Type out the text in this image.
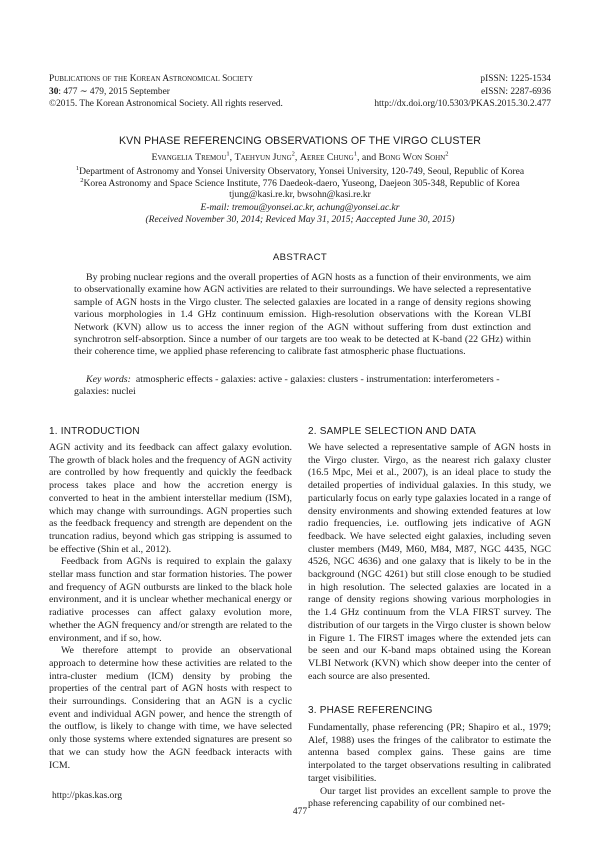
Publications of the Korean Astronomical Society
30: 477 ∼ 479, 2015 September
©2015. The Korean Astronomical Society. All rights reserved.
pISSN: 1225-1534
eISSN: 2287-6936
http://dx.doi.org/10.5303/PKAS.2015.30.2.477
KVN PHASE REFERENCING OBSERVATIONS OF THE VIRGO CLUSTER
Evangelia Tremou$^1$, Taehyun Jung$^2$, Aeree Chung$^1$, and Bong Won Sohn$^2$
$^1$Department of Astronomy and Yonsei University Observatory, Yonsei University, 120-749, Seoul, Republic of Korea
$^2$Korea Astronomy and Space Science Institute, 776 Daedeok-daero, Yuseong, Daejeon 305-348, Republic of Korea
tjung@kasi.re.kr, bwsohn@kasi.re.kr
E-mail: tremou@yonsei.ac.kr, achung@yonsei.ac.kr
(Received November 30, 2014; Reviced May 31, 2015; Aaccepted June 30, 2015)
ABSTRACT

By probing nuclear regions and the overall properties of AGN hosts as a function of their environments, we aim to observationally examine how AGN activities are related to their surroundings. We have selected a representative sample of AGN hosts in the Virgo cluster. The selected galaxies are located in a range of density regions showing various morphologies in 1.4 GHz continuum emission. High-resolution observations with the Korean VLBI Network (KVN) allow us to access the inner region of the AGN without suffering from dust extinction and synchrotron self-absorption. Since a number of our targets are too weak to be detected at K-band (22 GHz) within their coherence time, we applied phase referencing to calibrate fast atmospheric phase fluctuations.

Key words: atmospheric effects - galaxies: active - galaxies: clusters - instrumentation: interferometers - galaxies: nuclei

1. INTRODUCTION

AGN activity and its feedback can affect galaxy evolution. The growth of black holes and the frequency of AGN activity are controlled by how frequently and quickly the feedback process takes place and how the accretion energy is converted to heat in the ambient interstellar medium (ISM), which may change with surroundings. AGN properties such as the feedback frequency and strength are dependent on the truncation radius, beyond which gas stripping is assumed to be effective (Shin et al., 2012).

Feedback from AGNs is required to explain the galaxy stellar mass function and star formation histories. The power and frequency of AGN outbursts are linked to the black hole environment, and it is unclear whether mechanical energy or radiative processes can affect galaxy evolution more, whether the AGN frequency and/or strength are related to the environment, and if so, how.

We therefore attempt to provide an observational approach to determine how these activities are related to the intra-cluster medium (ICM) density by probing the properties of the central part of AGN hosts with respect to their surroundings. Considering that an AGN is a cyclic event and individual AGN power, and hence the strength of the outflow, is likely to change with time, we have selected only those systems where extended signatures are present so that we can study how the AGN feedback interacts with ICM.

2. SAMPLE SELECTION AND DATA

We have selected a representative sample of AGN hosts in the Virgo cluster. Virgo, as the nearest rich galaxy cluster (16.5 Mpc, Mei et al., 2007), is an ideal place to study the detailed properties of individual galaxies. In this study, we particularly focus on early type galaxies located in a range of density environments and showing extended features at low radio frequencies, i.e. outflowing jets indicative of AGN feedback. We have selected eight galaxies, including seven cluster members (M49, M60, M84, M87, NGC 4435, NGC 4526, NGC 4636) and one galaxy that is likely to be in the background (NGC 4261) but still close enough to be studied in high resolution. The selected galaxies are located in a range of density regions showing various morphologies in the 1.4 GHz continuum from the VLA FIRST survey. The distribution of our targets in the Virgo cluster is shown below in Figure 1. The FIRST images where the extended jets can be seen and our K-band maps obtained using the Korean VLBI Network (KVN) which show deeper into the center of each source are also presented.

3. PHASE REFERENCING

Fundamentally, phase referencing (PR; Shapiro et al., 1979; Alef, 1988) uses the fringes of the calibrator to estimate the antenna based complex gains. These gains are time interpolated to the target observations resulting in calibrated target visibilities.

Our target list provides an excellent sample to prove the phase referencing capability of our combined net-

http://pkas.kas.org
477
